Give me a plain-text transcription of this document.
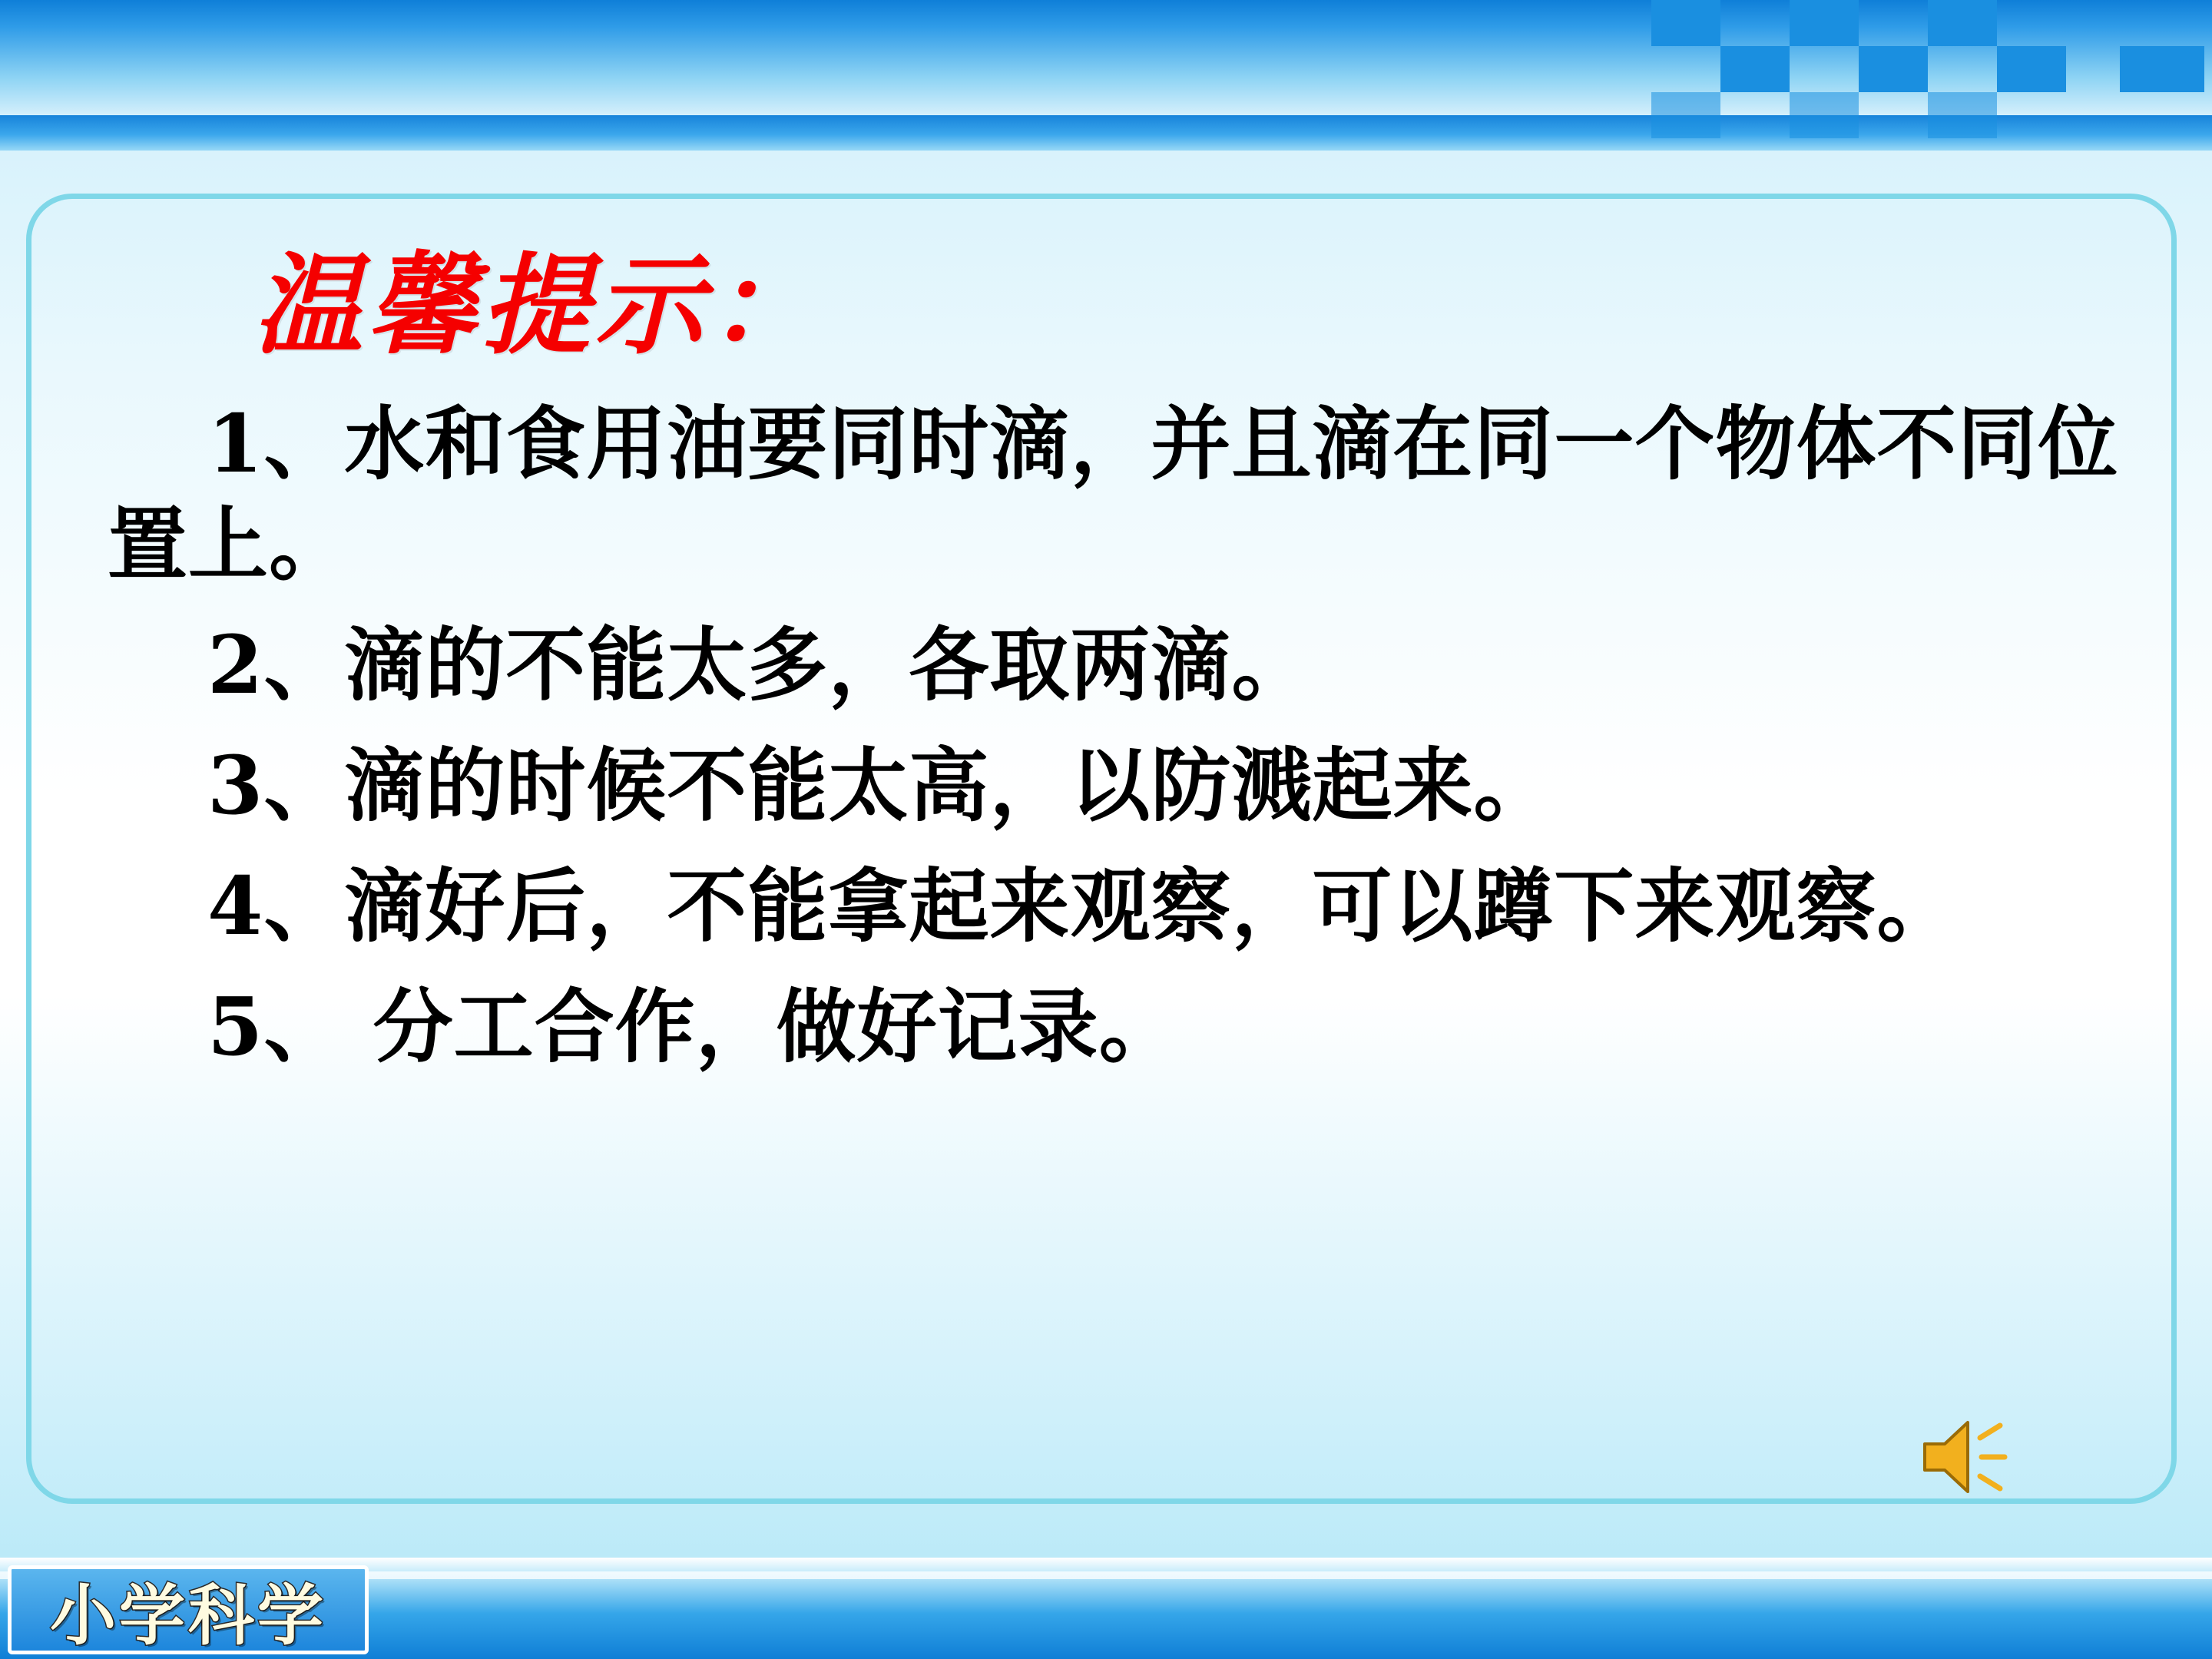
温馨提示：

1、水和食用油要同时滴，并且滴在同一个物体不同位置上。

2、滴的不能太多，各取两滴。

3、滴的时候不能太高，以防溅起来。

4、滴好后，不能拿起来观察，可以蹲下来观察。

5、 分工合作，做好记录。

小学科学
